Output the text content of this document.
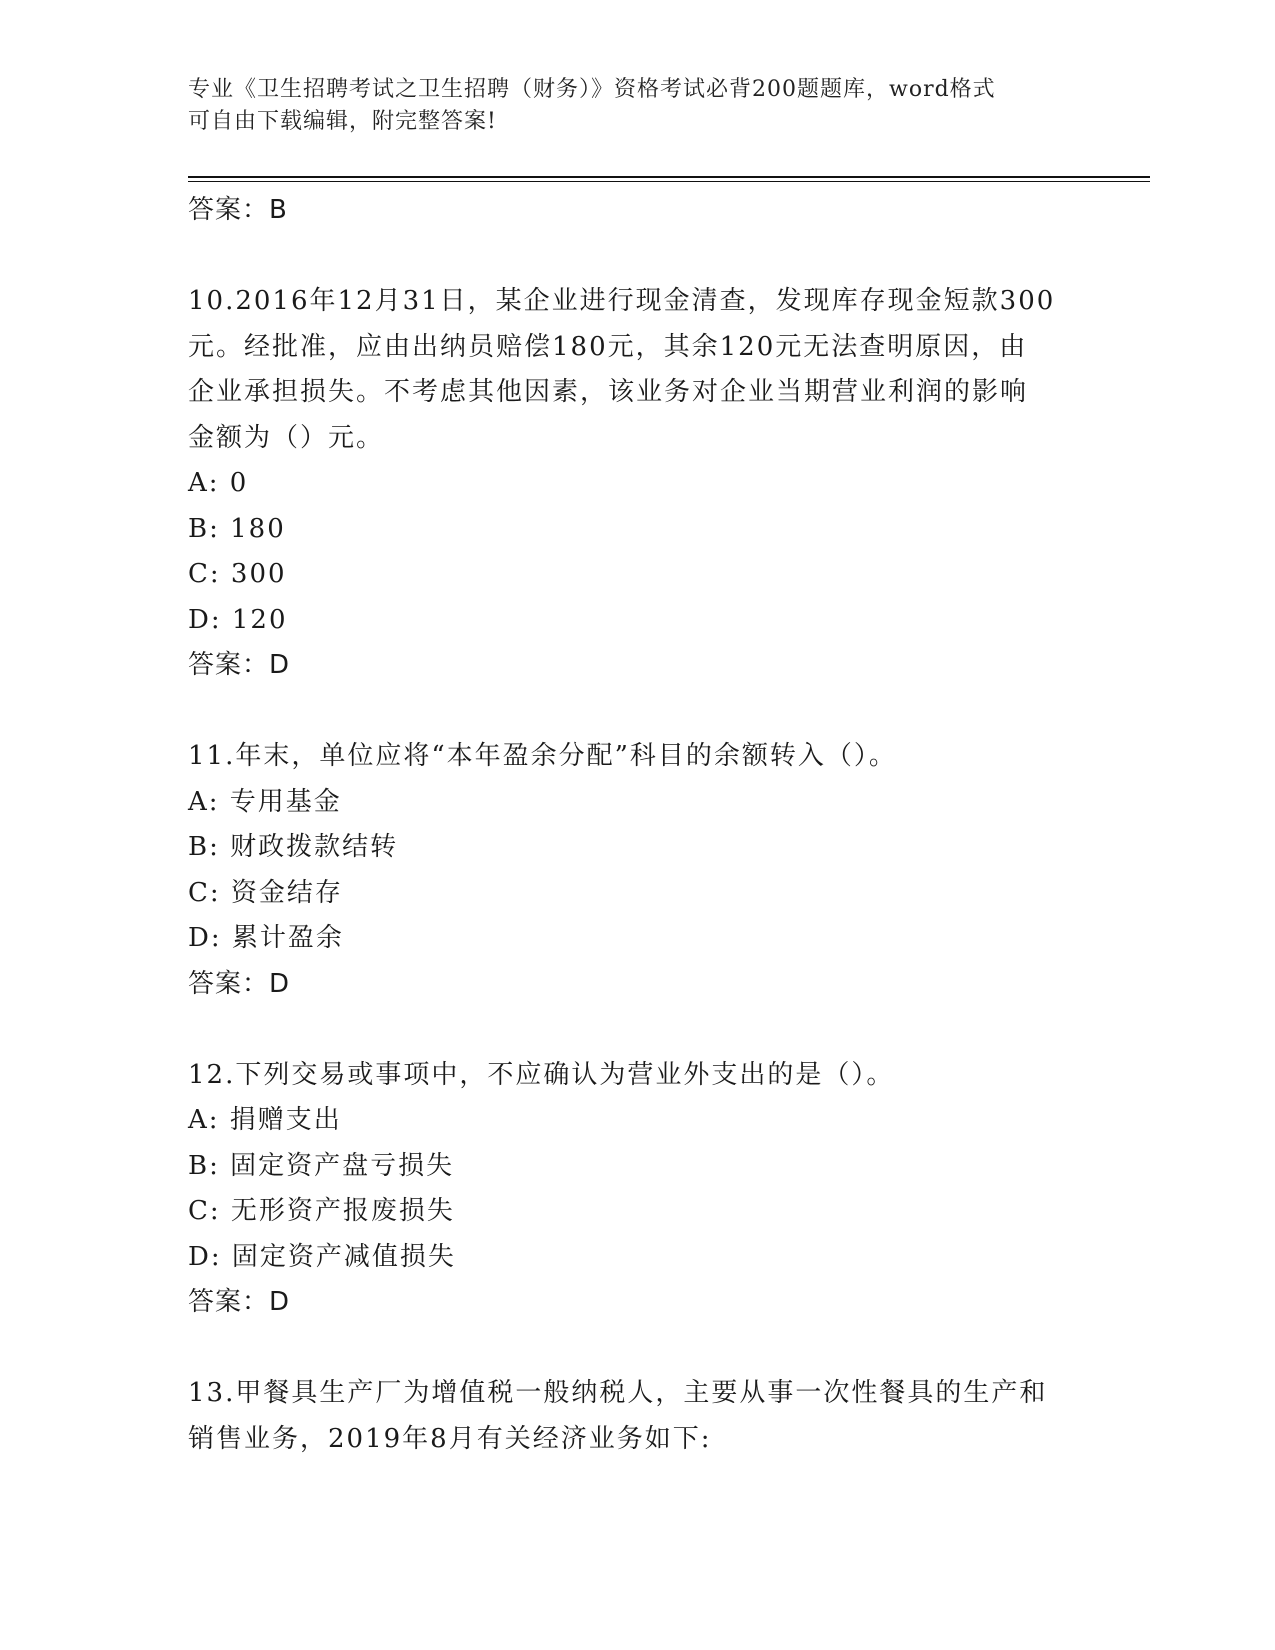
专业《卫生招聘考试之卫生招聘（财务）》资格考试必背200题题库，word格式
可自由下载编辑，附完整答案!
答案：B
10.2016年12月31日，某企业进行现金清查，发现库存现金短款300
元。经批准，应由出纳员赔偿180元，其余120元无法查明原因，由
企业承担损失。不考虑其他因素，该业务对企业当期营业利润的影响
金额为（）元。
A: 0
B: 180
C: 300
D: 120
答案：D
11.年末，单位应将“本年盈余分配”科目的余额转入（）。
A: 专用基金
B: 财政拨款结转
C: 资金结存
D: 累计盈余
答案：D
12.下列交易或事项中，不应确认为营业外支出的是（）。
A: 捐赠支出
B: 固定资产盘亏损失
C: 无形资产报废损失
D: 固定资产减值损失
答案：D
13.甲餐具生产厂为增值税一般纳税人，主要从事一次性餐具的生产和
销售业务，2019年8月有关经济业务如下:
